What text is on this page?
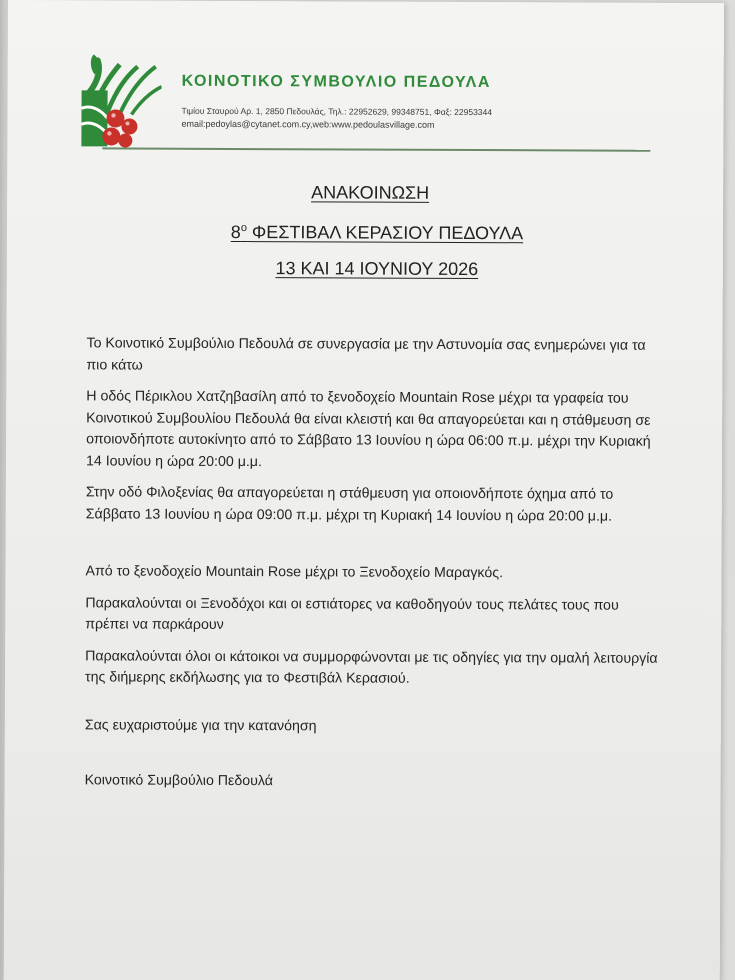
ΚΟΙΝΟΤΙΚΟ ΣΥΜΒΟΥΛΙΟ ΠΕΔΟΥΛΑ
Τιμίου Σταυρού Αρ. 1, 2850 Πεδουλάς, Τηλ.: 22952629, 99348751, Φαξ: 22953344
email:pedoylas@cytanet.com.cy,web:www.pedoulasvillage.com
ΑΝΑΚΟΙΝΩΣΗ
$8^o$ ΦΕΣΤΙΒΑΛ ΚΕΡΑΣΙΟΥ ΠΕΔΟΥΛΑ
13 ΚΑΙ 14 ΙΟΥΝΙΟΥ 2026

Το Κοινοτικό Συμβούλιο Πεδουλά σε συνεργασία με την Αστυνομία σας ενημερώνει για τα πιο κάτω

Η οδός Πέρικλου Χατζηβασίλη από το ξενοδοχείο Mountain Rose μέχρι τα γραφεία του Κοινοτικού Συμβουλίου Πεδουλά θα είναι κλειστή και θα απαγορεύεται και η στάθμευση σε οποιονδήποτε αυτοκίνητο από το Σάββατο 13 Ιουνίου η ώρα 06:00 π.μ. μέχρι την Κυριακή 14 Ιουνίου η ώρα 20:00 μ.μ.

Στην οδό Φιλοξενίας θα απαγορεύεται η στάθμευση για οποιονδήποτε όχημα από το Σάββατο 13 Ιουνίου η ώρα 09:00 π.μ. μέχρι τη Κυριακή 14 Ιουνίου η ώρα 20:00 μ.μ.

Από το ξενοδοχείο Mountain Rose μέχρι το Ξενοδοχείο Μαραγκός.

Παρακαλούνται οι Ξενοδόχοι και οι εστιάτορες να καθοδηγούν τους πελάτες τους που πρέπει να παρκάρουν

Παρακαλούνται όλοι οι κάτοικοι να συμμορφώνονται με τις οδηγίες για την ομαλή λειτουργία της διήμερης εκδήλωσης για το Φεστιβάλ Κερασιού.

Σας ευχαριστούμε για την κατανόηση

Κοινοτικό Συμβούλιο Πεδουλά
